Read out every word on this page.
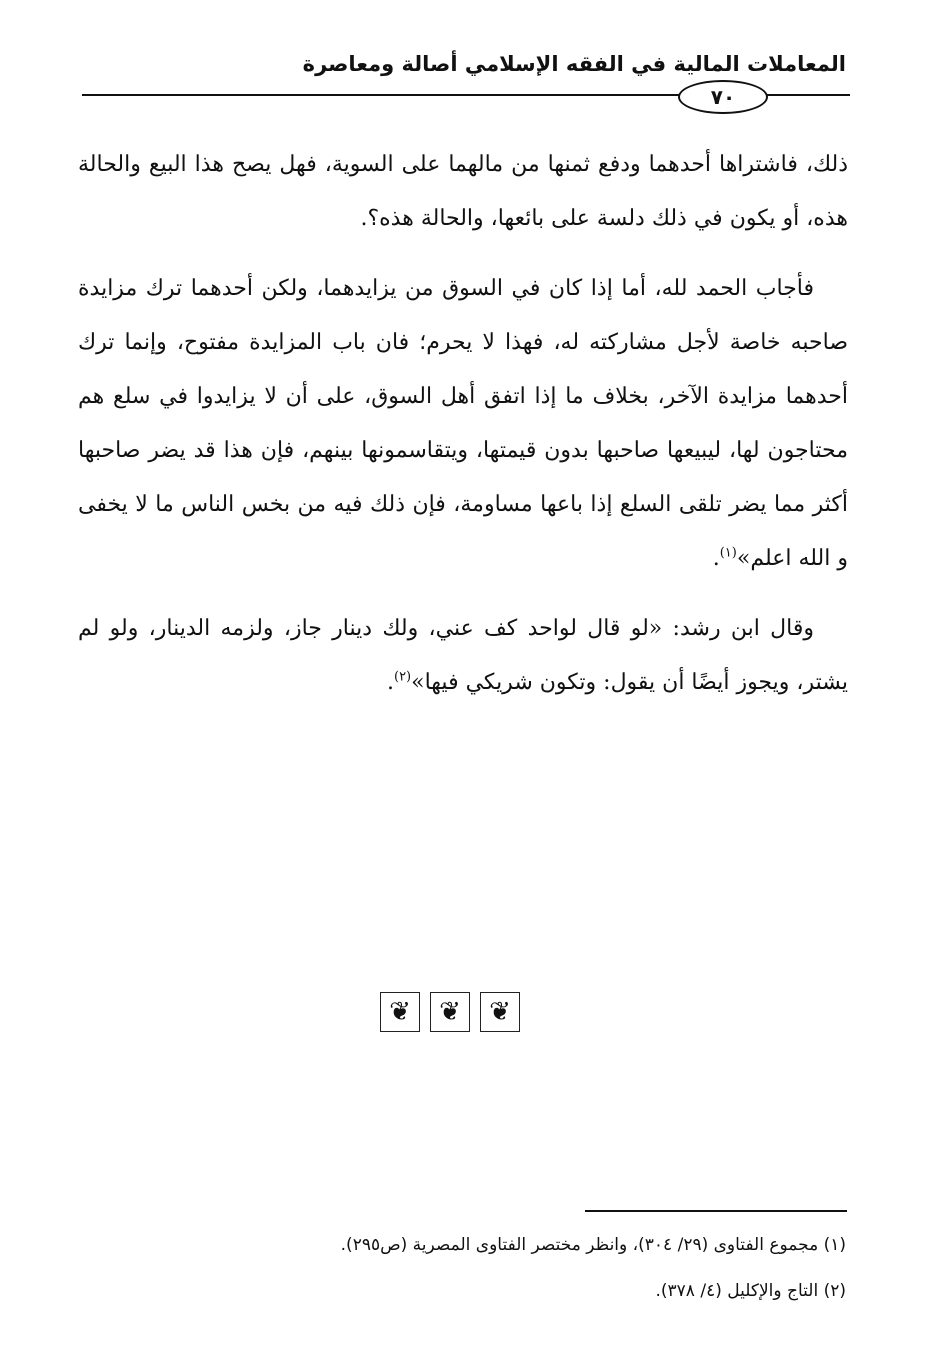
المعاملات المالية في الفقه الإسلامي أصالة ومعاصرة
٧٠

ذلك، فاشتراها أحدهما ودفع ثمنها من مالهما على السوية، فهل يصح هذا البيع والحالة هذه، أو يكون في ذلك دلسة على بائعها، والحالة هذه؟.

فأجاب الحمد لله، أما إذا كان في السوق من يزايدهما، ولكن أحدهما ترك مزايدة صاحبه خاصة لأجل مشاركته له، فهذا لا يحرم؛ فان باب المزايدة مفتوح، وإنما ترك أحدهما مزايدة الآخر، بخلاف ما إذا اتفق أهل السوق، على أن لا يزايدوا في سلع هم محتاجون لها، ليبيعها صاحبها بدون قيمتها، ويتقاسمونها بينهم، فإن هذا قد يضر صاحبها أكثر مما يضر تلقى السلع إذا باعها مساومة، فإن ذلك فيه من بخس الناس ما لا يخفى و الله اعلم»$^{(١)}$.

وقال ابن رشد: «لو قال لواحد كف عني، ولك دينار جاز، ولزمه الدينار، ولو لم يشتر، ويجوز أيضًا أن يقول: وتكون شريكي فيها»$^{(٢)}$.

❦	❦	❦
(١) مجموع الفتاوى (٢٩/ ٣٠٤)، وانظر مختصر الفتاوى المصرية (ص٢٩٥).
(٢) التاج والإكليل (٤/ ٣٧٨).
